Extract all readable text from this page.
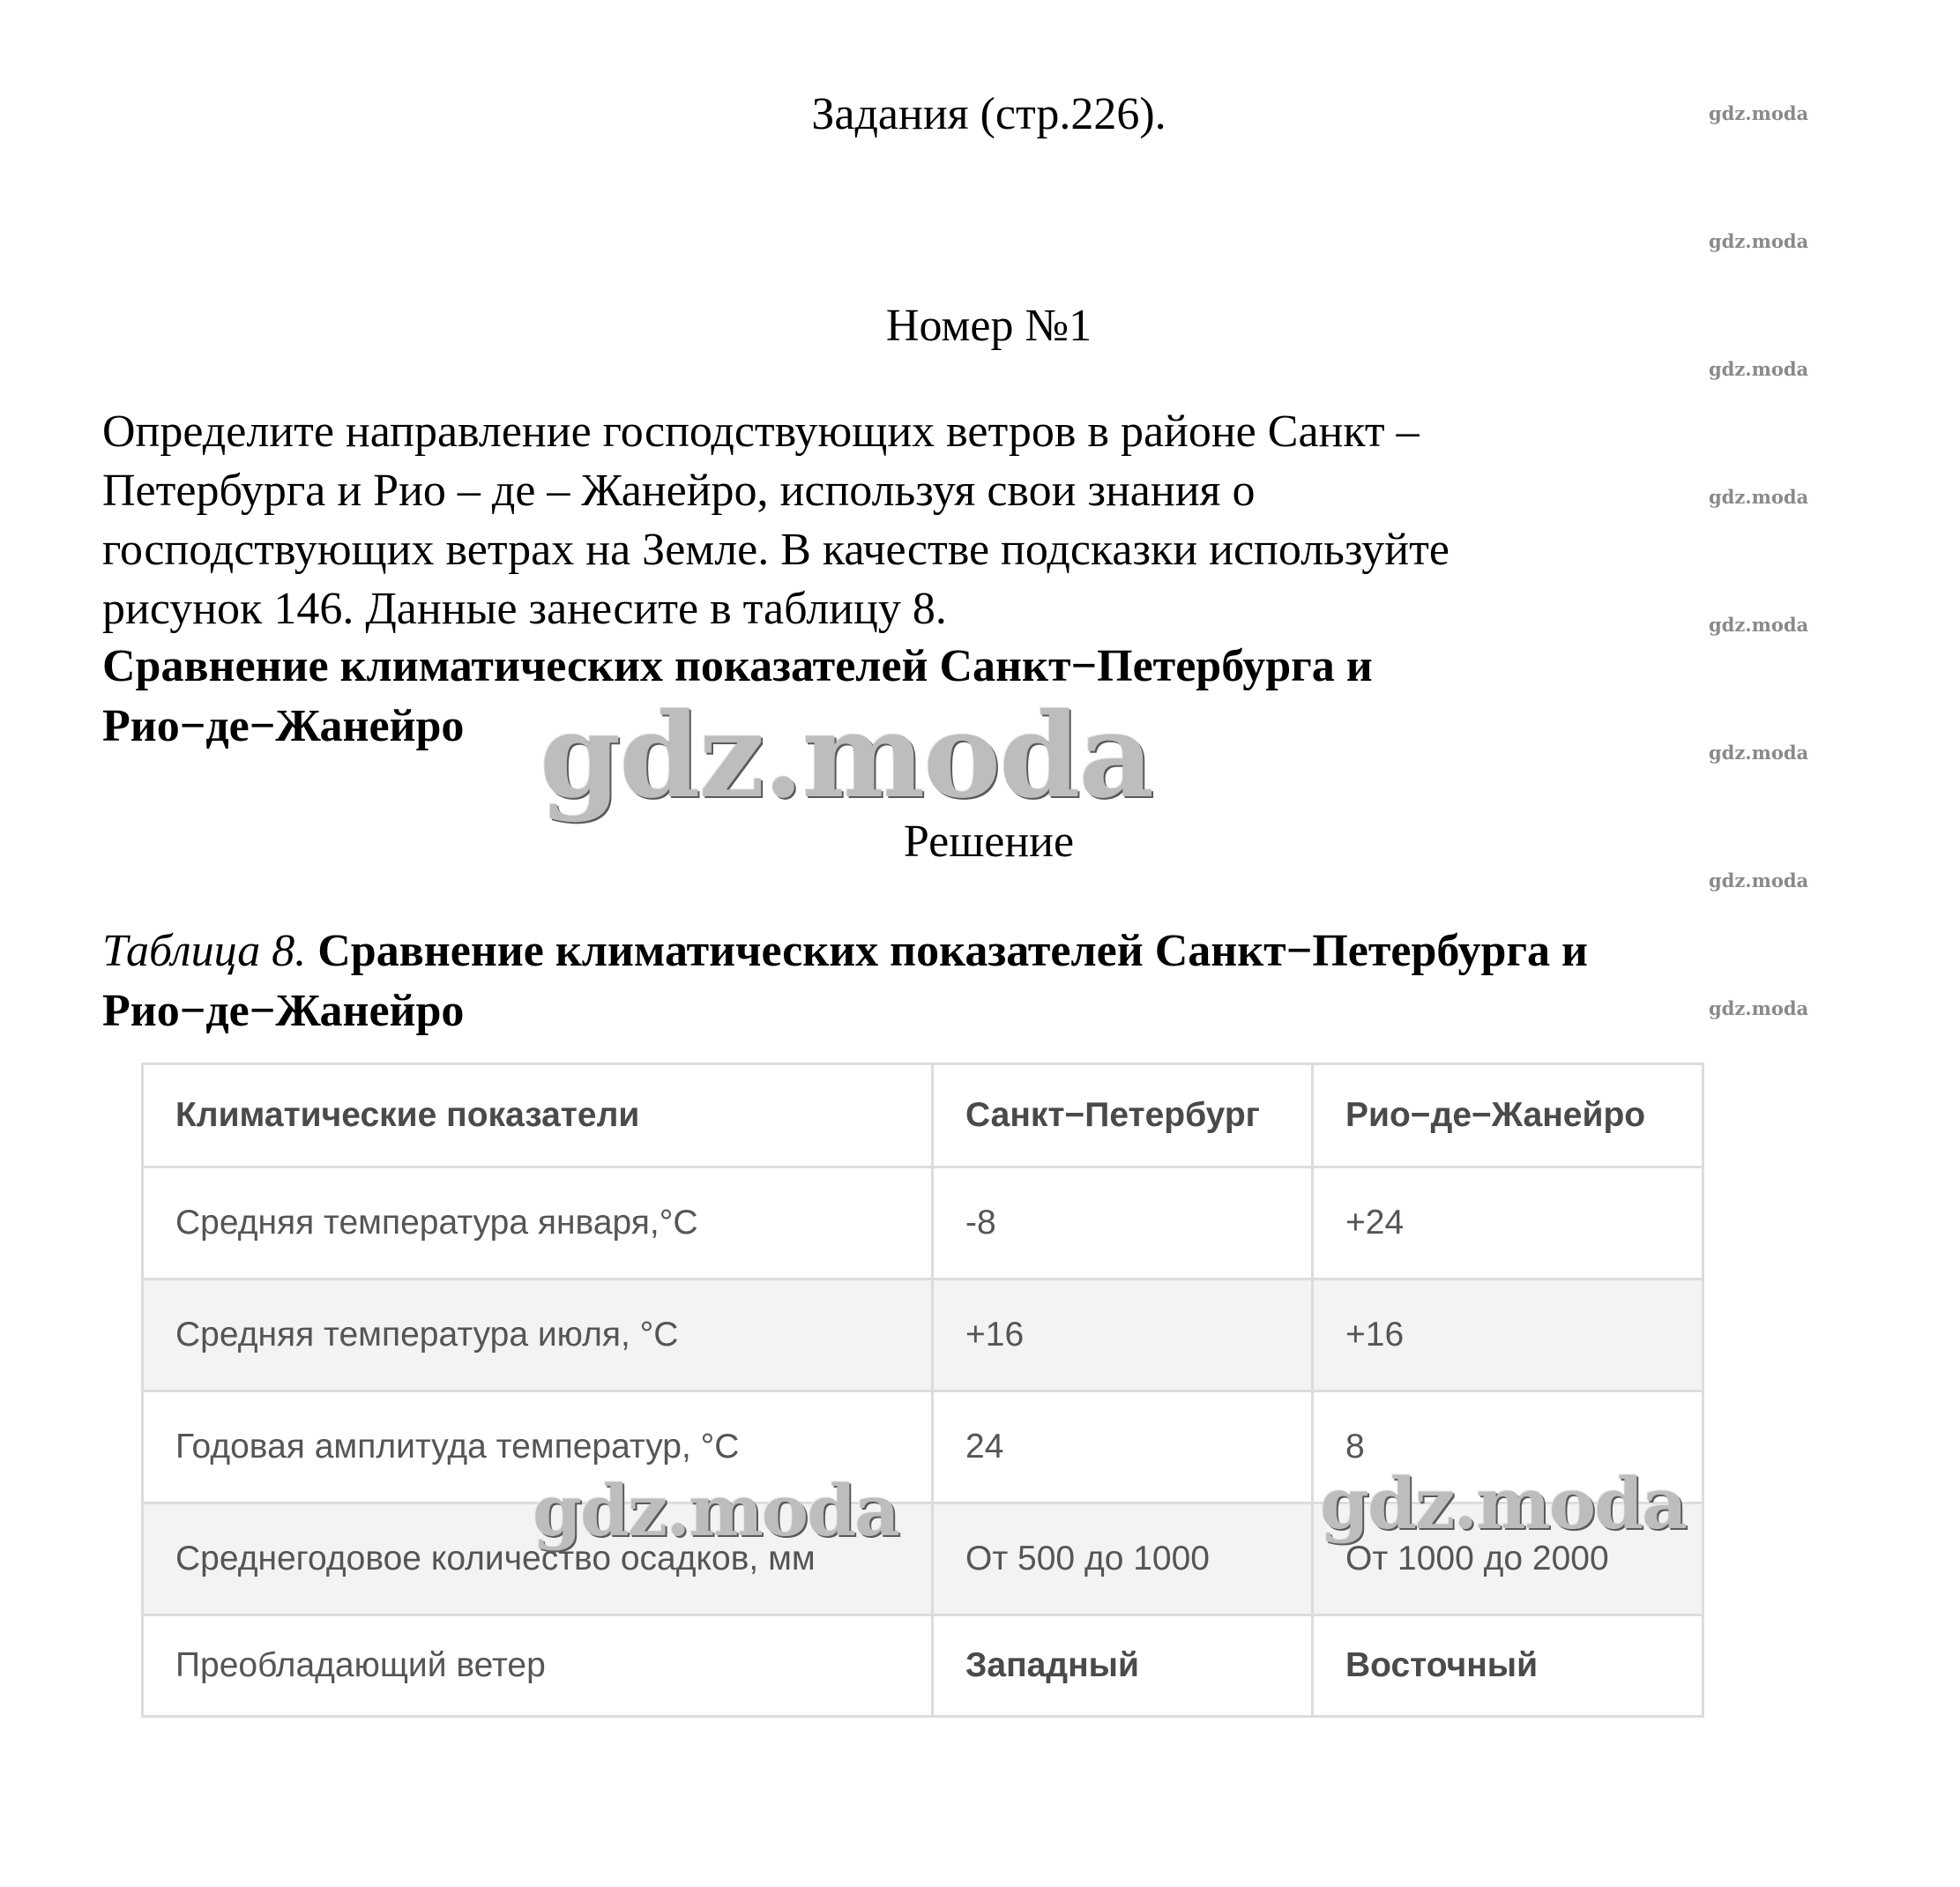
Задания (стр.226).	gdz.moda
gdz.moda
gdz.moda
gdz.moda
gdz.moda
gdz.moda
gdz.moda
gdz.moda
Номер №1

Определите направление господствующих ветров в районе Санкт –

Петербурга и Рио – де – Жанейро, используя свои знания о

господствующих ветрах на Земле. В качестве подсказки используйте

рисунок 146. Данные занесите в таблицу 8.

Сравнение климатических показателей Санкт−Петербурга и
Рио−де−Жанейро gdz.moda
Решение
Таблица 8. Сравнение климатических показателей Санкт−Петербурга и
Рио−де−Жанейро
Климатические показатели	Санкт−Петербург	Рио−де−Жанейро
Средняя температура января,°С	-8	+24
Средняя температура июля, °С	+16	+16
Годовая амплитуда температур, °С	24	8
Среднегодовое количество осадков, мм	От 500 до 1000	От 1000 до 2000
Преобладающий ветер	Западный	Восточный
gdz.moda	gdz.moda
